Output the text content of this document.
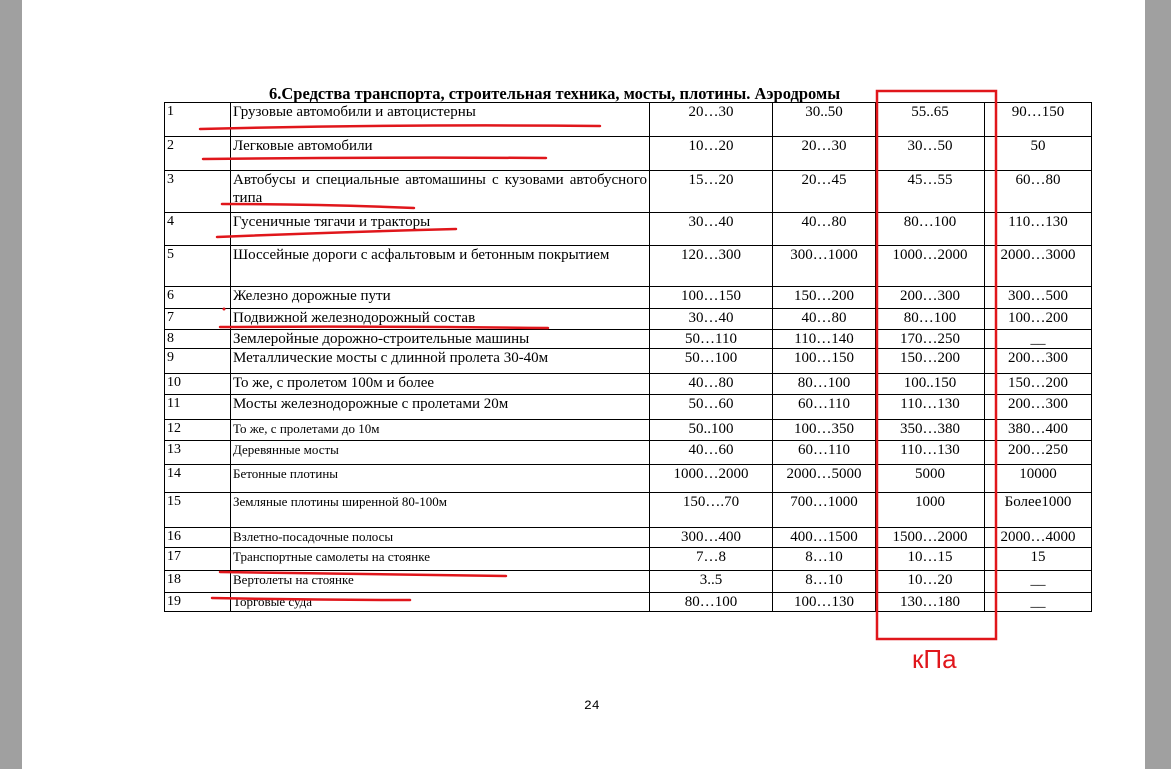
6.Средства транспорта, строительная техника, мосты, плотины. Аэродромы
1	Грузовые автомобили и автоцистерны	20…30	30..50	55..65	90…150
2	Легковые автомобили	10…20	20…30	30…50	50
3	Автобусы и специальные автомашины с кузовами автобусного типа	15…20	20…45	45…55	60…80
4	Гусеничные тягачи и тракторы	30…40	40…80	80…100	110…130
5	Шоссейные дороги с асфальтовым и бетонным покрытием	120…300	300…1000	1000…2000	2000…3000
6	Железно дорожные пути	100…150	150…200	200…300	300…500
7	Подвижной железнодорожный состав	30…40	40…80	80…100	100…200
8	Землеройные дорожно-строительные машины	50…110	110…140	170…250	__
9	Металлические мосты с длинной пролета 30-40м	50…100	100…150	150…200	200…300
10	То же, с пролетом 100м и более	40…80	80…100	100..150	150…200
11	Мосты железнодорожные с пролетами 20м	50…60	60…110	110…130	200…300
12	То же, с пролетами до 10м	50..100	100…350	350…380	380…400
13	Деревянные мосты	40…60	60…110	110…130	200…250
14	Бетонные плотины	1000…2000	2000…5000	5000	10000
15	Земляные плотины ширенной 80-100м	150….70	700…1000	1000	Более1000
16	Взлетно-посадочные полосы	300…400	400…1500	1500…2000	2000…4000
17	Транспортные самолеты на стоянке	7…8	8…10	10…15	15
18	Вертолеты на стоянке	3..5	8…10	10…20	__
19	Торговые суда	80…100	100…130	130…180	__
кПа
24
